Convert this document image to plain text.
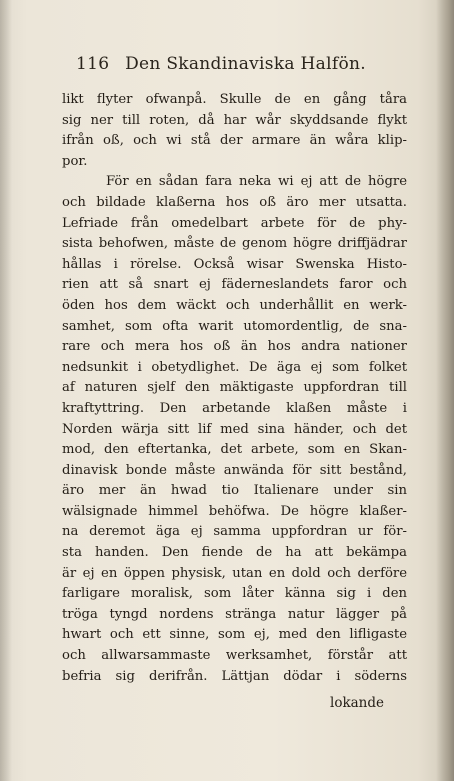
116 Den Skandinaviska Halfön.
likt flyter ofwanpå. Skulle de en gång tåra
sig ner till roten, då har wår skyddsande flykt
ifrån oß, och wi stå der armare än wåra klip-
por.
För en sådan fara neka wi ej att de högre
och bildade klaßerna hos oß äro mer utsatta.
Lefriade från omedelbart arbete för de phy-
sista behofwen, måste de genom högre driffjädrar
hållas i rörelse. Också wisar Swenska Histo-
rien att så snart ej fäderneslandets faror och
öden hos dem wäckt och underhållit en werk-
samhet, som ofta warit utomordentlig, de sna-
rare och mera hos oß än hos andra nationer
nedsunkit i obetydlighet. De äga ej som folket
af naturen sjelf den mäktigaste uppfordran till
kraftyttring. Den arbetande klaßen måste i
Norden wärja sitt lif med sina händer, och det
mod, den eftertanka, det arbete, som en Skan-
dinavisk bonde måste anwända för sitt bestånd,
äro mer än hwad tio Italienare under sin
wälsignade himmel behöfwa. De högre klaßer-
na deremot äga ej samma uppfordran ur för-
sta handen. Den fiende de ha att bekämpa
är ej en öppen physisk, utan en dold och derföre
farligare moralisk, som låter känna sig i den
tröga tyngd nordens stränga natur lägger på
hwart och ett sinne, som ej, med den lifligaste
och allwarsammaste werksamhet, förstår att
befria sig derifrån. Lättjan dödar i söderns
lokande
